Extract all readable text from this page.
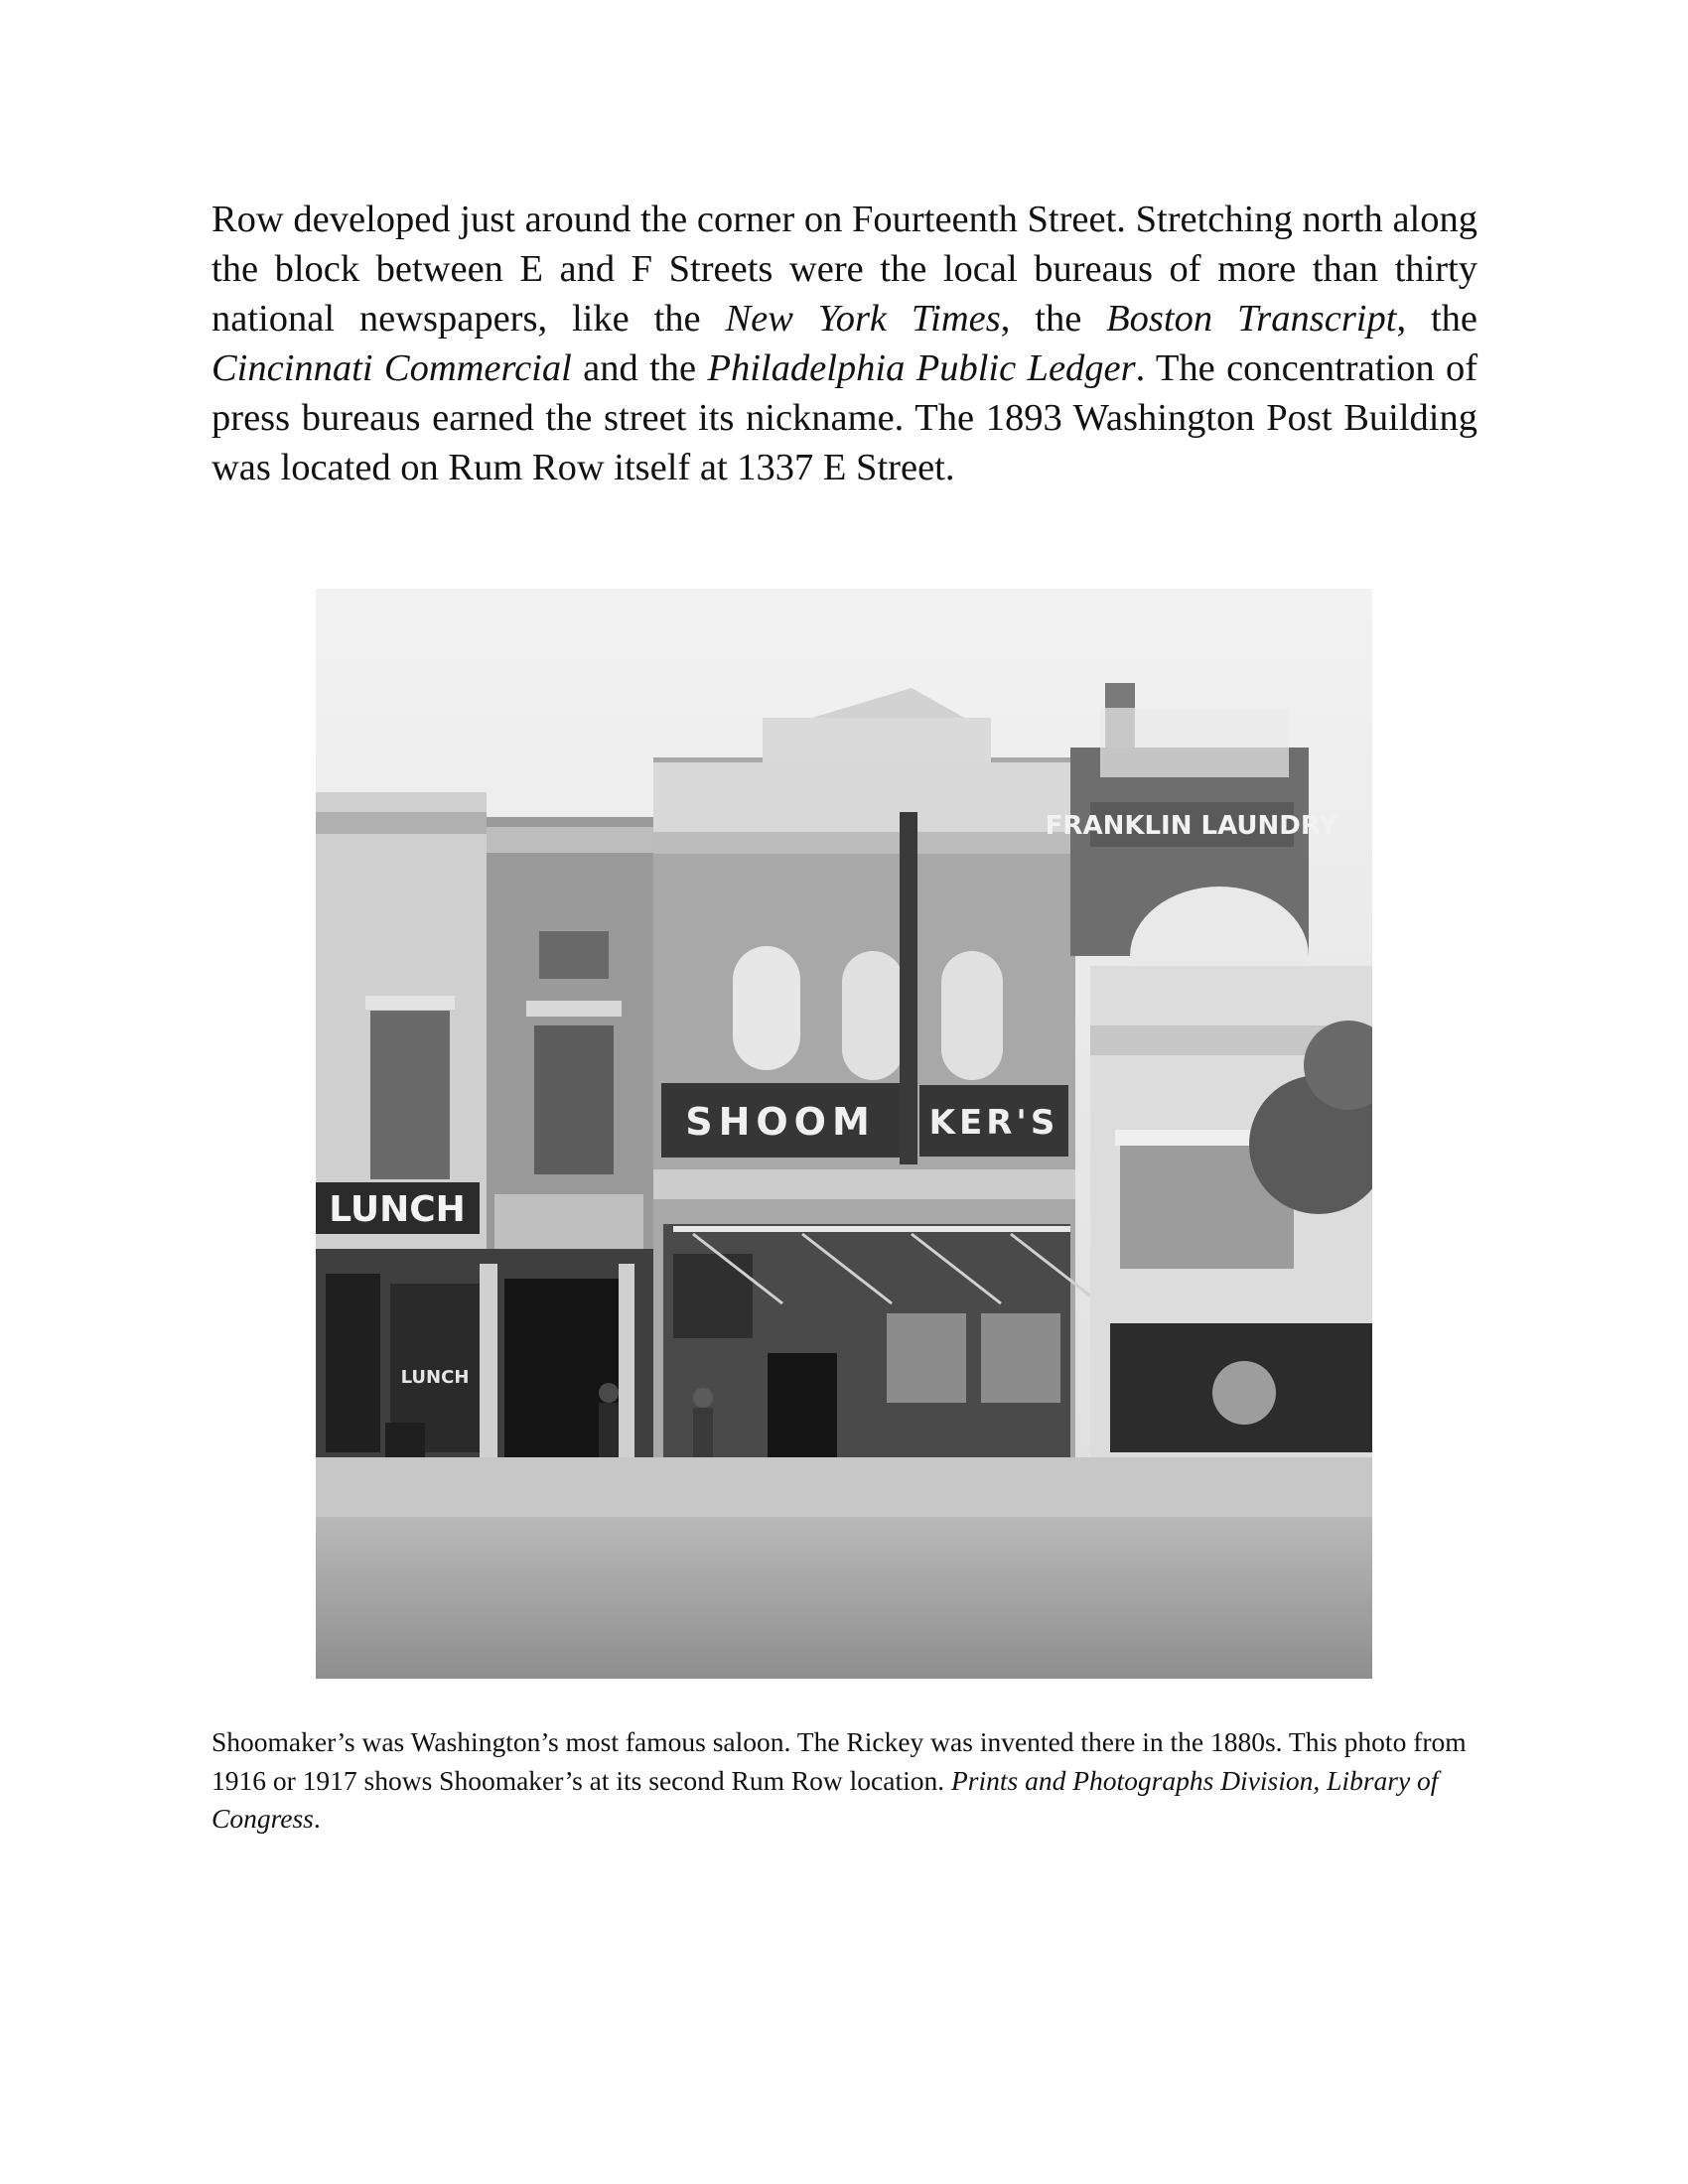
Row developed just around the corner on Fourteenth Street. Stretching north along the block between E and F Streets were the local bureaus of more than thirty national newspapers, like the New York Times, the Boston Transcript, the Cincinnati Commercial and the Philadelphia Public Ledger. The concentration of press bureaus earned the street its nickname. The 1893 Washington Post Building was located on Rum Row itself at 1337 E Street.

LUNCH
LUNCH
SHOOM KER'S
FRANKLIN LAUNDRY

Shoomaker’s was Washington’s most famous saloon. The Rickey was invented there in the 1880s. This photo from 1916 or 1917 shows Shoomaker’s at its second Rum Row location. Prints and Photographs Division, Library of Congress.
